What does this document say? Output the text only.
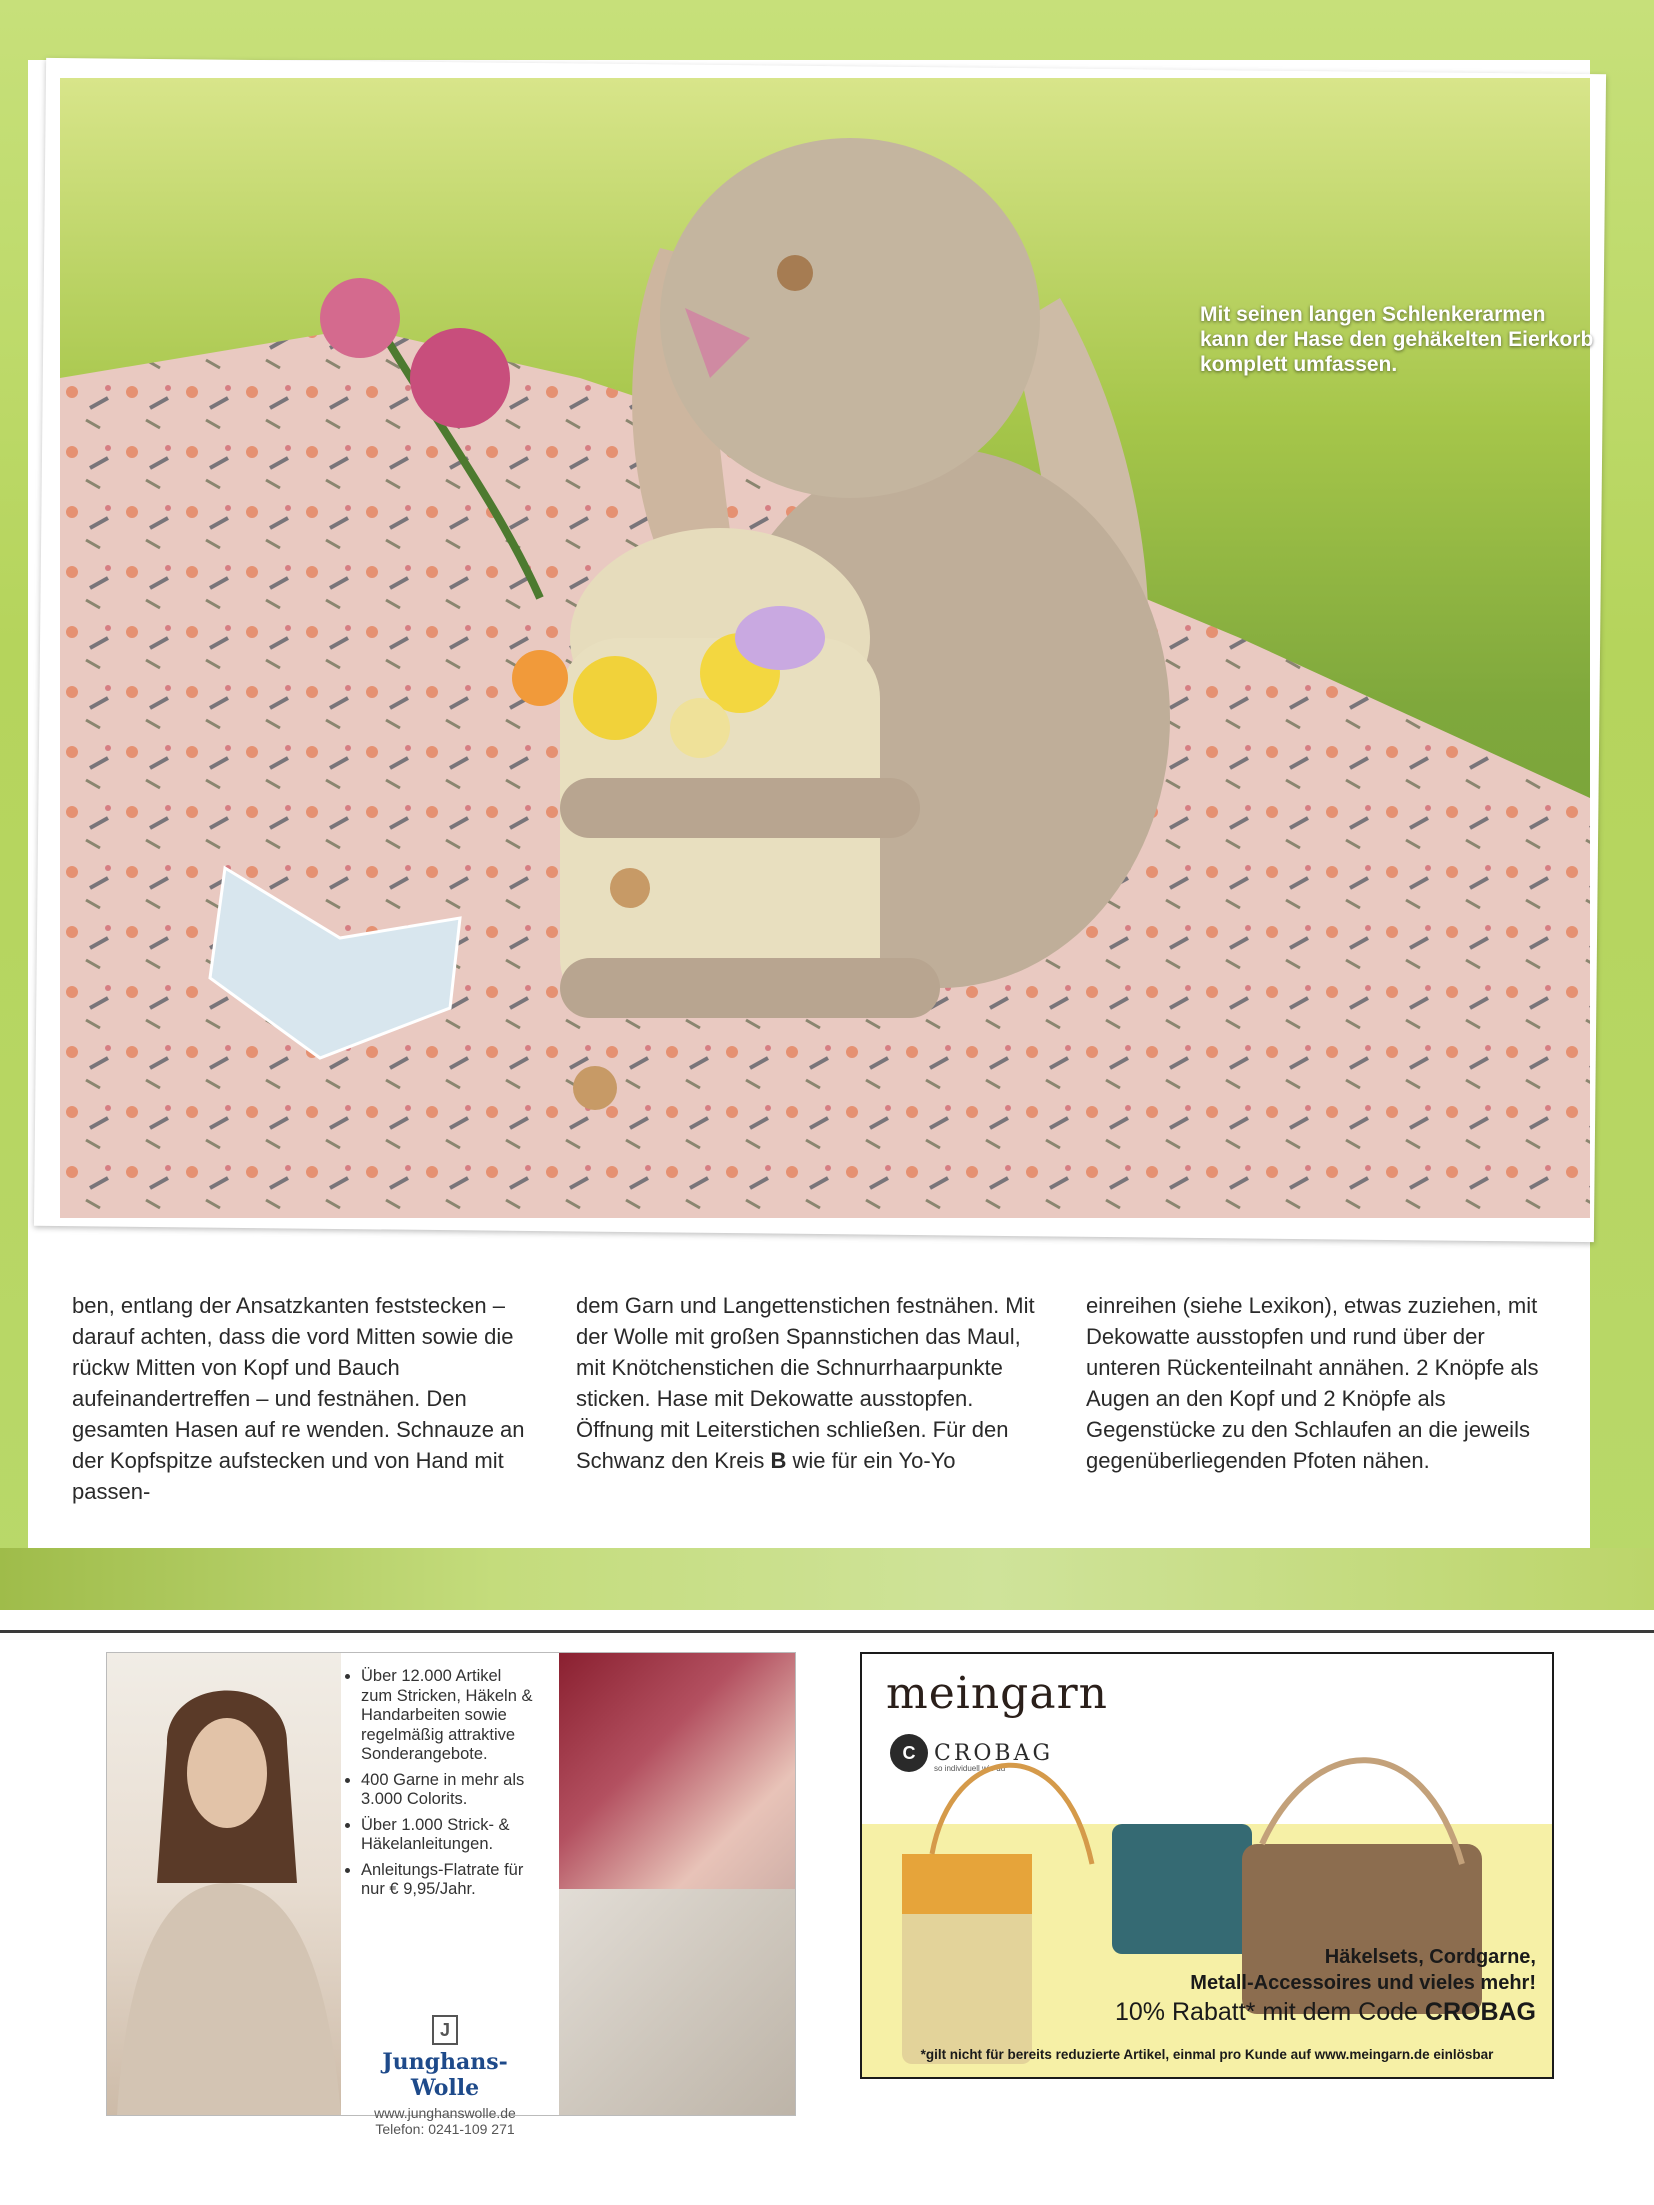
Mit seinen langen Schlenkerarmen kann der Hase den gehäkelten Eierkorb komplett umfassen.
ben, entlang der Ansatzkanten feststecken – darauf achten, dass die vord Mitten sowie die rückw Mitten von Kopf und Bauch aufeinandertreffen – und festnähen. Den gesamten Hasen auf re wenden. Schnauze an der Kopfspitze aufstecken und von Hand mit passen-
dem Garn und Langettenstichen festnähen. Mit der Wolle mit großen Spannstichen das Maul, mit Knötchenstichen die Schnurrhaarpunkte sticken. Hase mit Dekowatte ausstopfen. Öffnung mit Leiterstichen schließen. Für den Schwanz den Kreis B wie für ein Yo-Yo
einreihen (siehe Lexikon), etwas zuziehen, mit Dekowatte ausstopfen und rund über der unteren Rückenteilnaht annähen. 2 Knöpfe als Augen an den Kopf und 2 Knöpfe als Gegenstücke zu den Schlaufen an die jeweils gegenüberliegenden Pfoten nähen.
• Über 12.000 Artikel zum Stricken, Häkeln & Handarbeiten sowie regelmäßig attraktive Sonderangebote.
• 400 Garne in mehr als 3.000 Colorits.
• Über 1.000 Strick- & Häkelanleitungen.
• Anleitungs-Flatrate für nur € 9,95/Jahr.
J
Junghans-Wolle
www.junghanswolle.de
Telefon: 0241-109 271
meingarn
C CROBAG
so individuell wie du
Häkelsets, Cordgarne,
Metall-Accessoires und vieles mehr!
10% Rabatt* mit dem Code CROBAG
*gilt nicht für bereits reduzierte Artikel, einmal pro Kunde auf www.meingarn.de einlösbar
